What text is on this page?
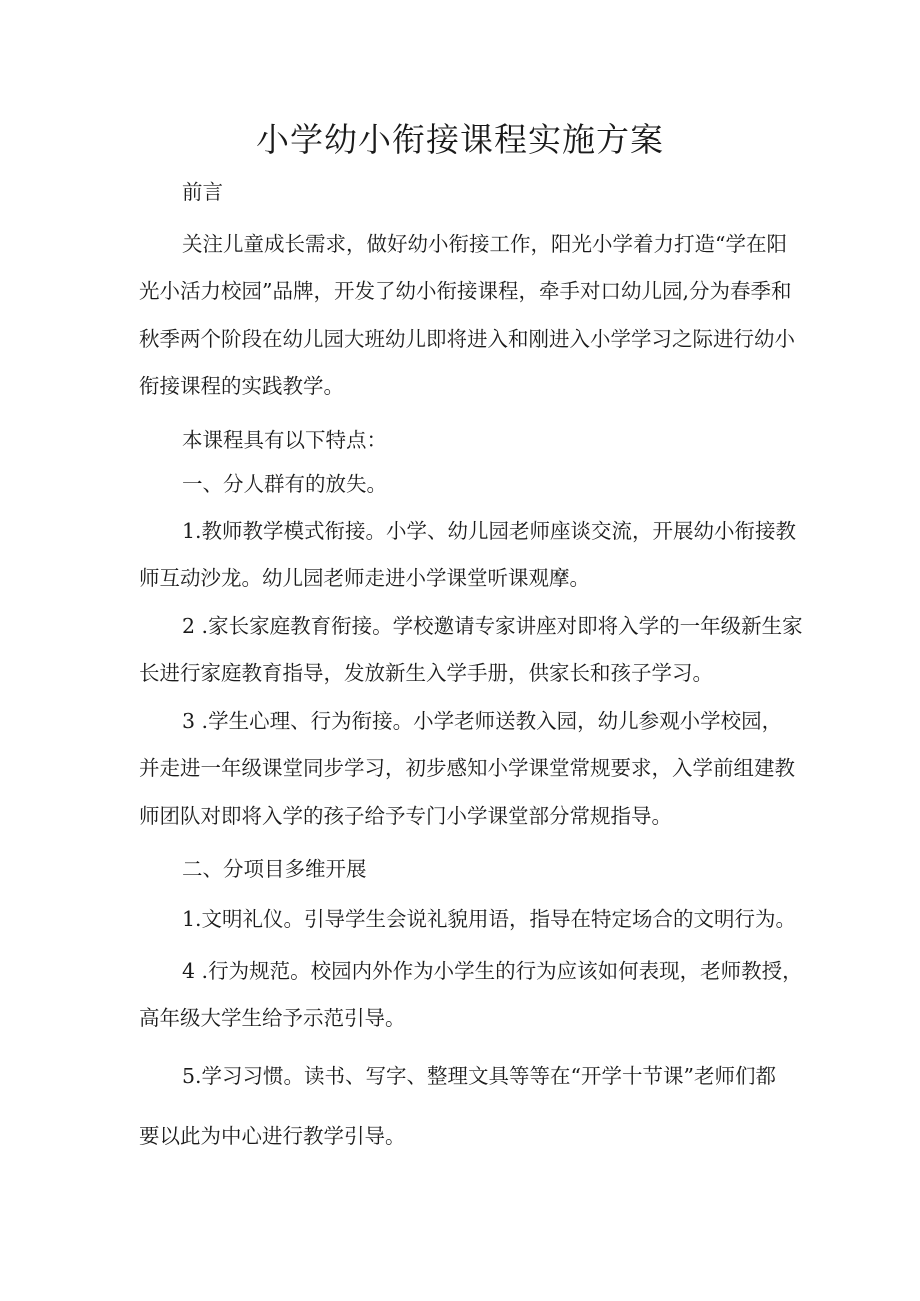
小学幼小衔接课程实施方案

前言

关注儿童成长需求，做好幼小衔接工作，阳光小学着力打造“学在阳

光小活力校园”品牌，开发了幼小衔接课程，牵手对口幼儿园,分为春季和

秋季两个阶段在幼儿园大班幼儿即将进入和刚进入小学学习之际进行幼小

衔接课程的实践教学。

本课程具有以下特点：

一、分人群有的放失。

1.教师教学模式衔接。小学、幼儿园老师座谈交流，开展幼小衔接教

师互动沙龙。幼儿园老师走进小学课堂听课观摩。

2 .家长家庭教育衔接。学校邀请专家讲座对即将入学的一年级新生家

长进行家庭教育指导，发放新生入学手册，供家长和孩子学习。

3 .学生心理、行为衔接。小学老师送教入园，幼儿参观小学校园，

并走进一年级课堂同步学习，初步感知小学课堂常规要求，入学前组建教

师团队对即将入学的孩子给予专门小学课堂部分常规指导。

二、分项目多维开展

1.文明礼仪。引导学生会说礼貌用语，指导在特定场合的文明行为。

4 .行为规范。校园内外作为小学生的行为应该如何表现，老师教授，

高年级大学生给予示范引导。

5.学习习惯。读书、写字、整理文具等等在“开学十节课”老师们都

要以此为中心进行教学引导。
